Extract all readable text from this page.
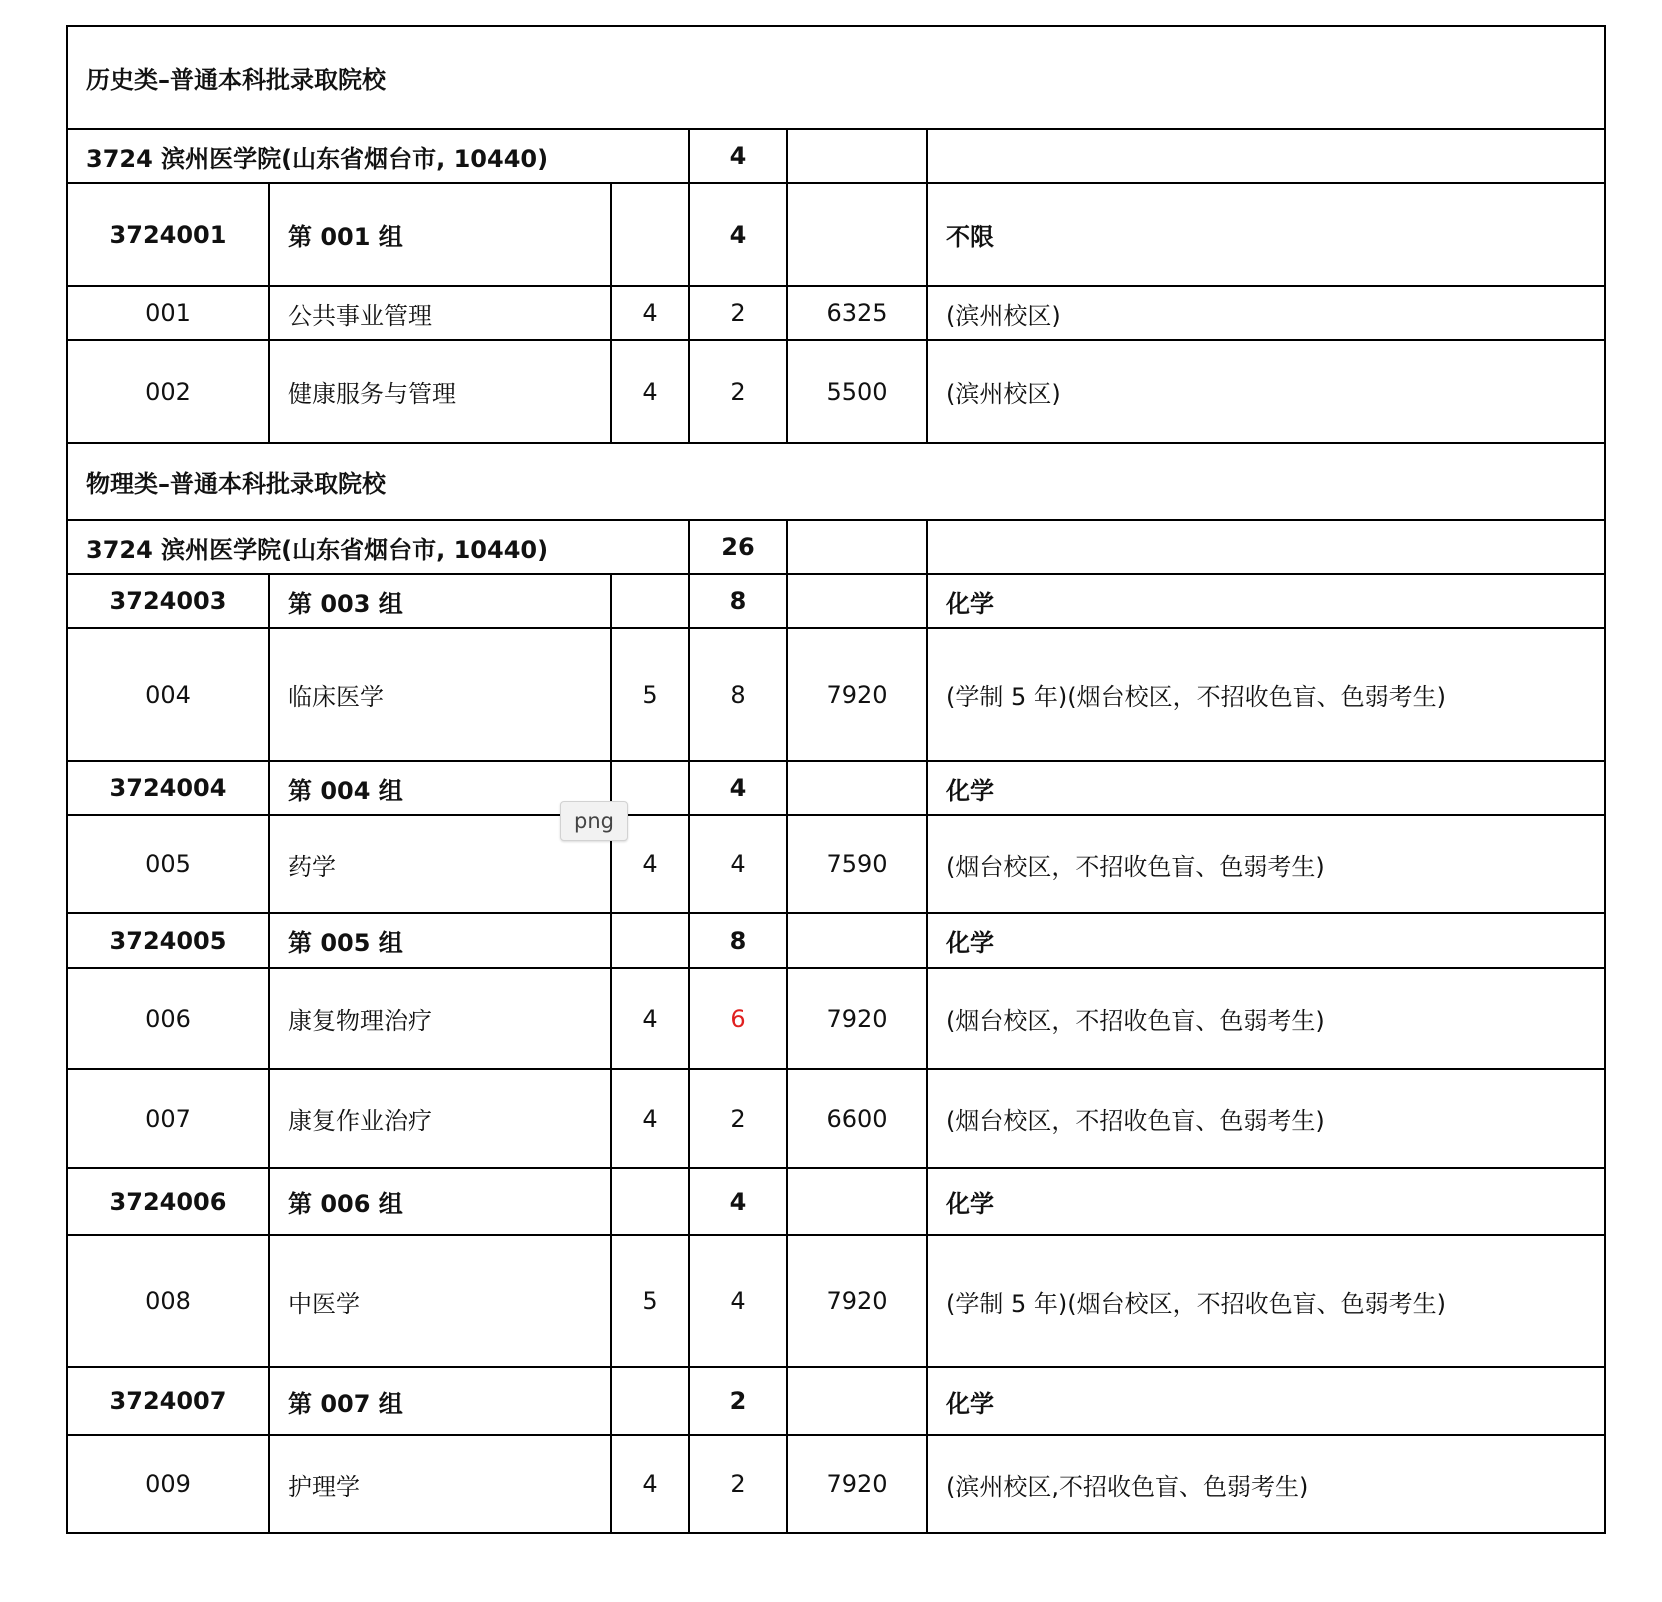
历史类–普通本科批录取院校					
3724 滨州医学院(山东省烟台市, 10440)			4		
3724001	第 001 组		4		不限
001	公共事业管理	4	2	6325	(滨州校区)
002	健康服务与管理	4	2	5500	(滨州校区)
物理类–普通本科批录取院校					
3724 滨州医学院(山东省烟台市, 10440)			26		
3724003	第 003 组		8		化学
004	临床医学	5	8	7920	(学制 5 年)(烟台校区，不招收色盲、色弱考生)
3724004	第 004 组		4		化学
005	药学	4	4	7590	(烟台校区，不招收色盲、色弱考生)
3724005	第 005 组		8		化学
006	康复物理治疗	4	6	7920	(烟台校区，不招收色盲、色弱考生)
007	康复作业治疗	4	2	6600	(烟台校区，不招收色盲、色弱考生)
3724006	第 006 组		4		化学
008	中医学	5	4	7920	(学制 5 年)(烟台校区，不招收色盲、色弱考生)
3724007	第 007 组		2		化学
009	护理学	4	2	7920	(滨州校区,不招收色盲、色弱考生)
png
